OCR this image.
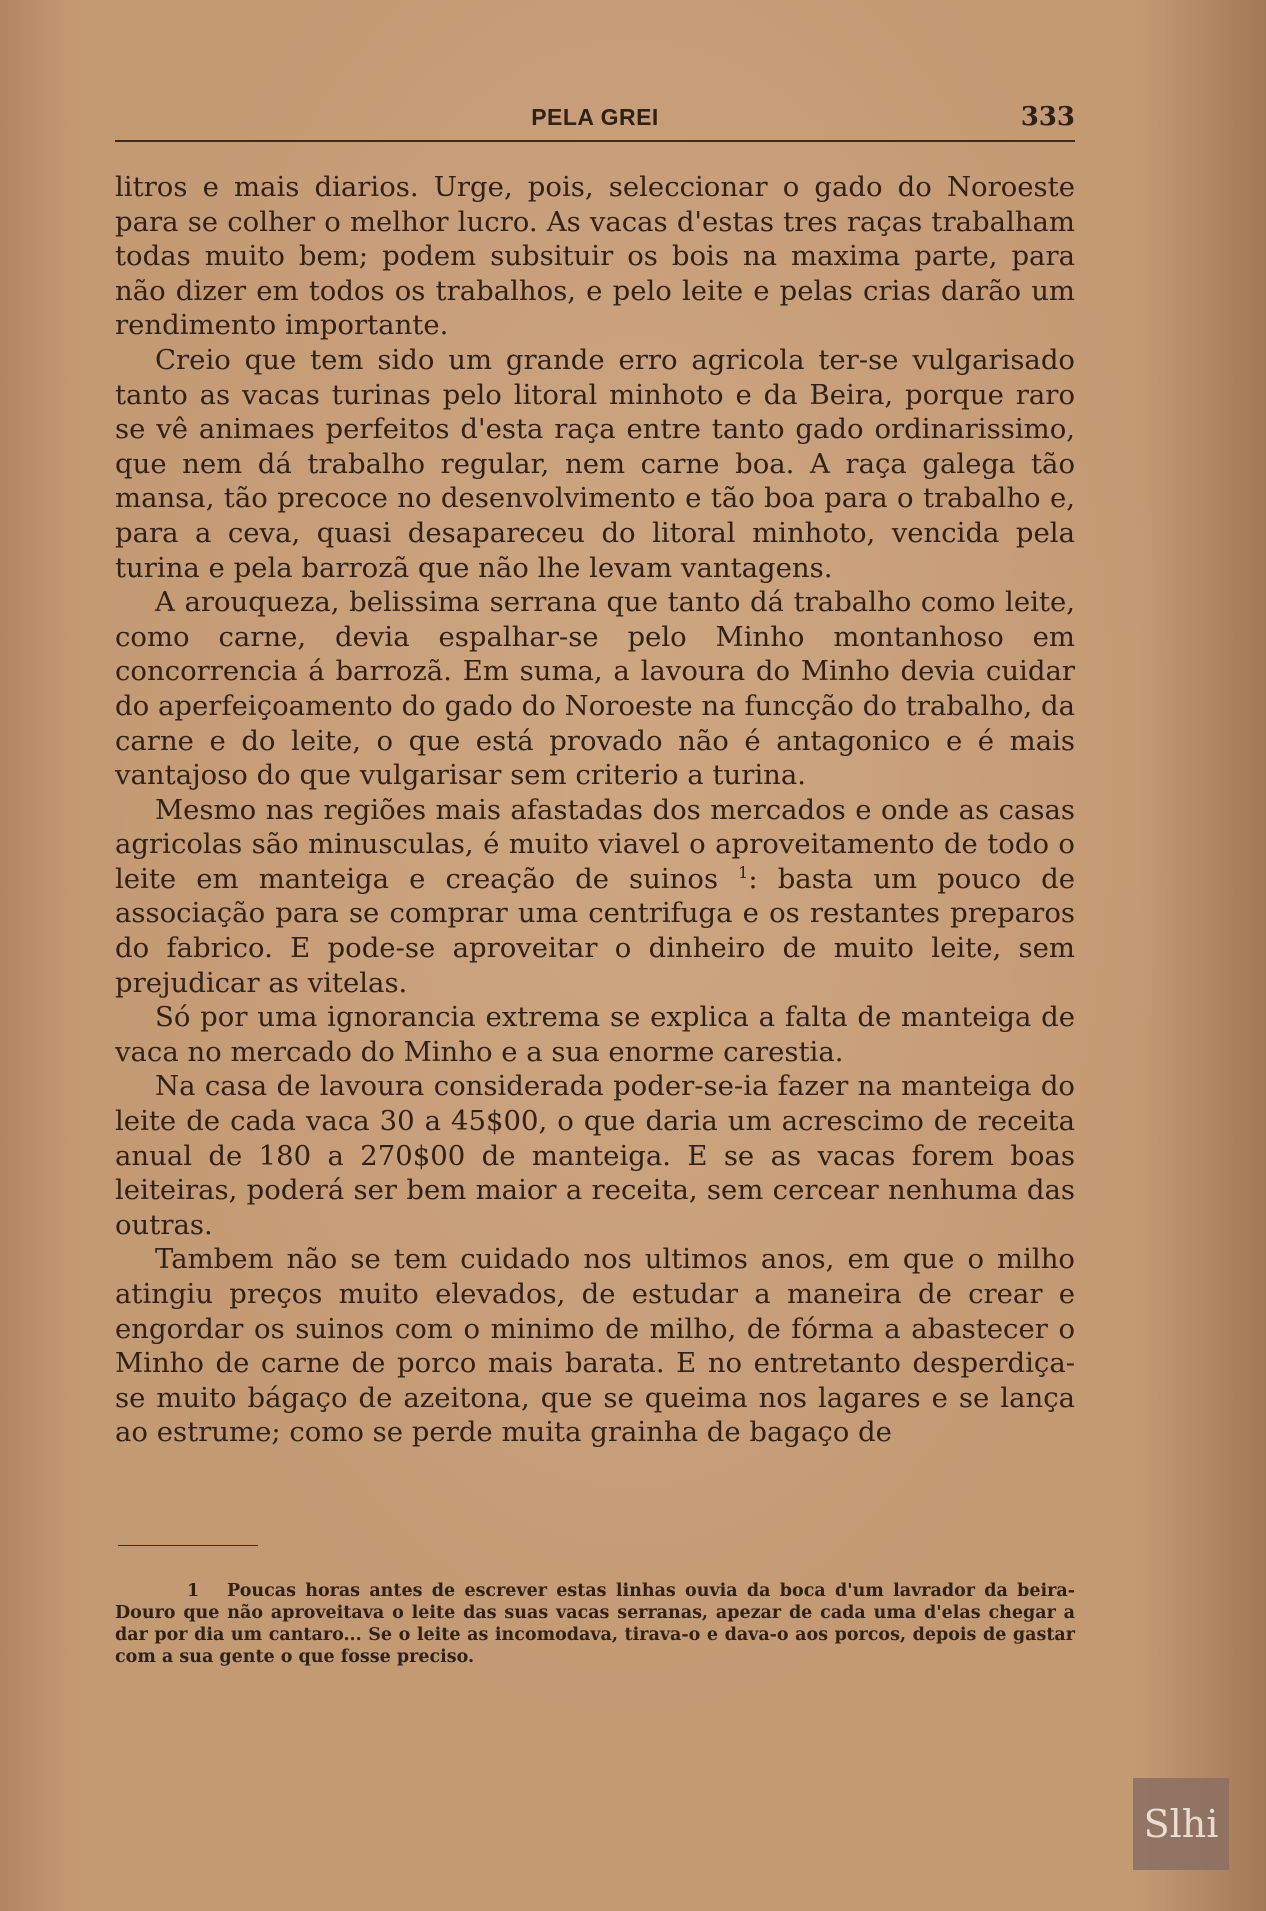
PELA GREI	333

litros e mais diarios. Urge, pois, seleccionar o gado do Noroeste para se colher o melhor lucro. As vacas d'estas tres raças trabalham todas muito bem; podem subsituir os bois na maxima parte, para não dizer em todos os trabalhos, e pelo leite e pelas crias darão um rendimento importante.

Creio que tem sido um grande erro agricola ter-se vulgarisado tanto as vacas turinas pelo litoral minhoto e da Beira, porque raro se vê animaes perfeitos d'esta raça entre tanto gado ordinarissimo, que nem dá trabalho regular, nem carne boa. A raça galega tão mansa, tão precoce no desenvolvimento e tão boa para o trabalho e, para a ceva, quasi desapareceu do litoral minhoto, vencida pela turina e pela barrozã que não lhe levam vantagens.

A arouqueza, belissima serrana que tanto dá trabalho como leite, como carne, devia espalhar-se pelo Minho montanhoso em concorrencia á barrozã. Em suma, a lavoura do Minho devia cuidar do aperfeiçoamento do gado do Noroeste na funcção do trabalho, da carne e do leite, o que está provado não é antagonico e é mais vantajoso do que vulgarisar sem criterio a turina.

Mesmo nas regiões mais afastadas dos mercados e onde as casas agricolas são minusculas, é muito viavel o aproveitamento de todo o leite em manteiga e creação de suinos $^1$: basta um pouco de associação para se comprar uma centrifuga e os restantes preparos do fabrico. E pode-se aproveitar o dinheiro de muito leite, sem prejudicar as vitelas.

Só por uma ignorancia extrema se explica a falta de manteiga de vaca no mercado do Minho e a sua enorme carestia.

Na casa de lavoura considerada poder-se-ia fazer na manteiga do leite de cada vaca 30 a 45$00, o que daria um acrescimo de receita anual de 180 a 270$00 de manteiga. E se as vacas forem boas leiteiras, poderá ser bem maior a receita, sem cercear nenhuma das outras.

Tambem não se tem cuidado nos ultimos anos, em que o milho atingiu preços muito elevados, de estudar a maneira de crear e engordar os suinos com o minimo de milho, de fórma a abastecer o Minho de carne de porco mais barata. E no entretanto desperdiça-se muito bágaço de azeitona, que se queima nos lagares e se lança ao estrume; como se perde muita grainha de bagaço de

1 Poucas horas antes de escrever estas linhas ouvia da boca d'um lavrador da beira-Douro que não aproveitava o leite das suas vacas serranas, apezar de cada uma d'elas chegar a dar por dia um cantaro... Se o leite as incomodava, tirava-o e dava-o aos porcos, depois de gastar com a sua gente o que fosse preciso.
Slhi
